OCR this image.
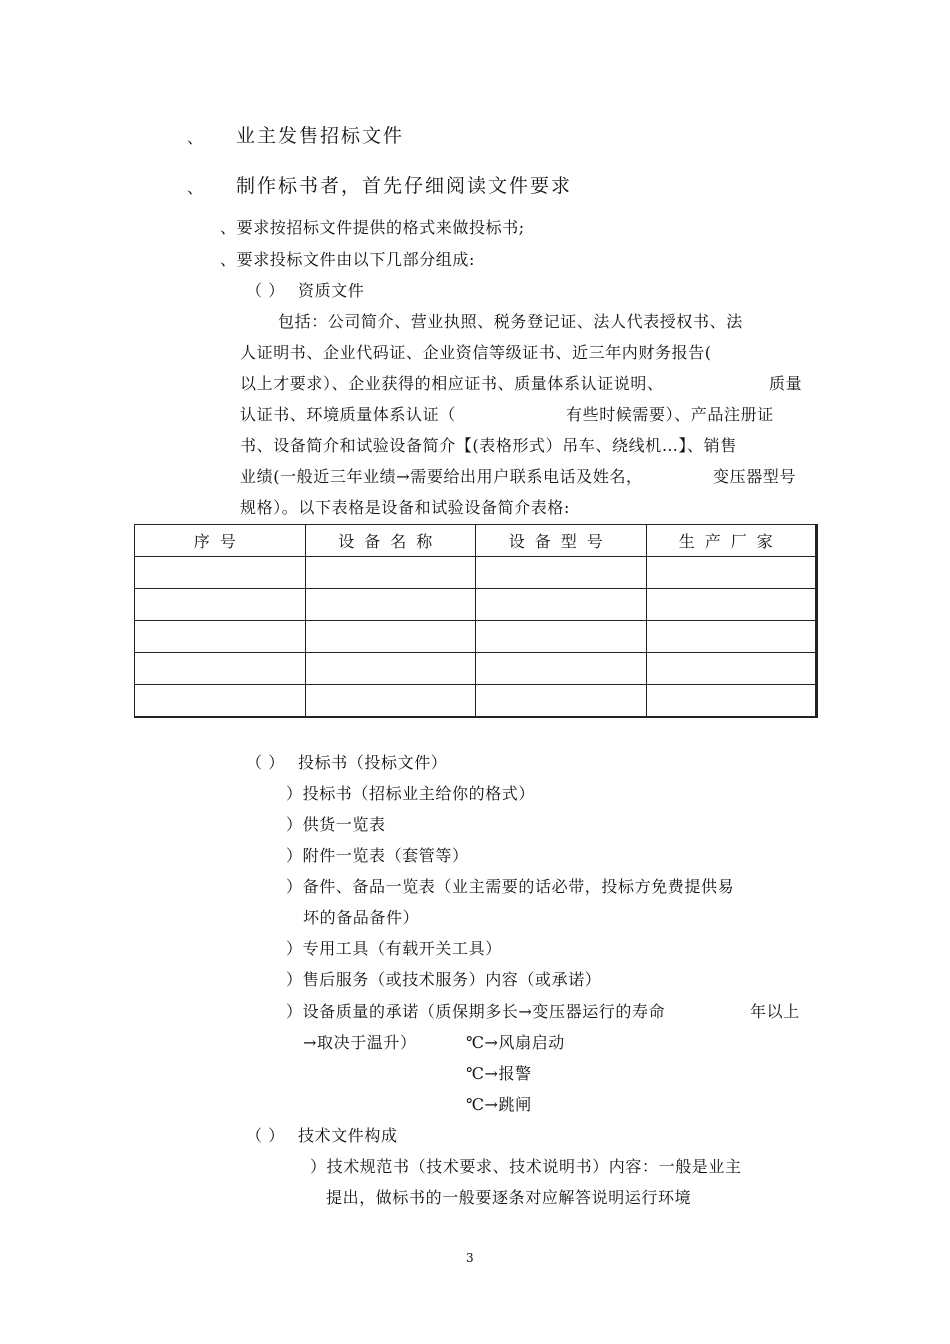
、 业主发售招标文件
、 制作标书者，首先仔细阅读文件要求
、要求按招标文件提供的格式来做投标书;
、要求投标文件由以下几部分组成:
（ ） 资质文件
包括：公司简介、营业执照、税务登记证、法人代表授权书、法
人证明书、企业代码证、企业资信等级证书、近三年内财务报告(
以上才要求）、企业获得的相应证书、质量体系认证说明、	质量
认证书、环境质量体系认证（	有些时候需要）、产品注册证
书、设备简介和试验设备简介【(表格形式）吊车、绕线机…】、销售
业绩(一般近三年业绩→需要给出用户联系电话及姓名，	变压器型号
规格）。以下表格是设备和试验设备简介表格:
序号	设备名称	设备型号	生产厂家

（ ） 投标书（投标文件）
）投标书（招标业主给你的格式）
）供货一览表
）附件一览表（套管等）
）备件、备品一览表（业主需要的话必带，投标方免费提供易
坏的备品备件）
）专用工具（有载开关工具）
）售后服务（或技术服务）内容（或承诺）
）设备质量的承诺（质保期多长→变压器运行的寿命	年以上
→取决于温升）	℃→风扇启动
℃→报警
℃→跳闸
（ ） 技术文件构成
）技术规范书（技术要求、技术说明书）内容：一般是业主
提出，做标书的一般要逐条对应解答说明运行环境
3
